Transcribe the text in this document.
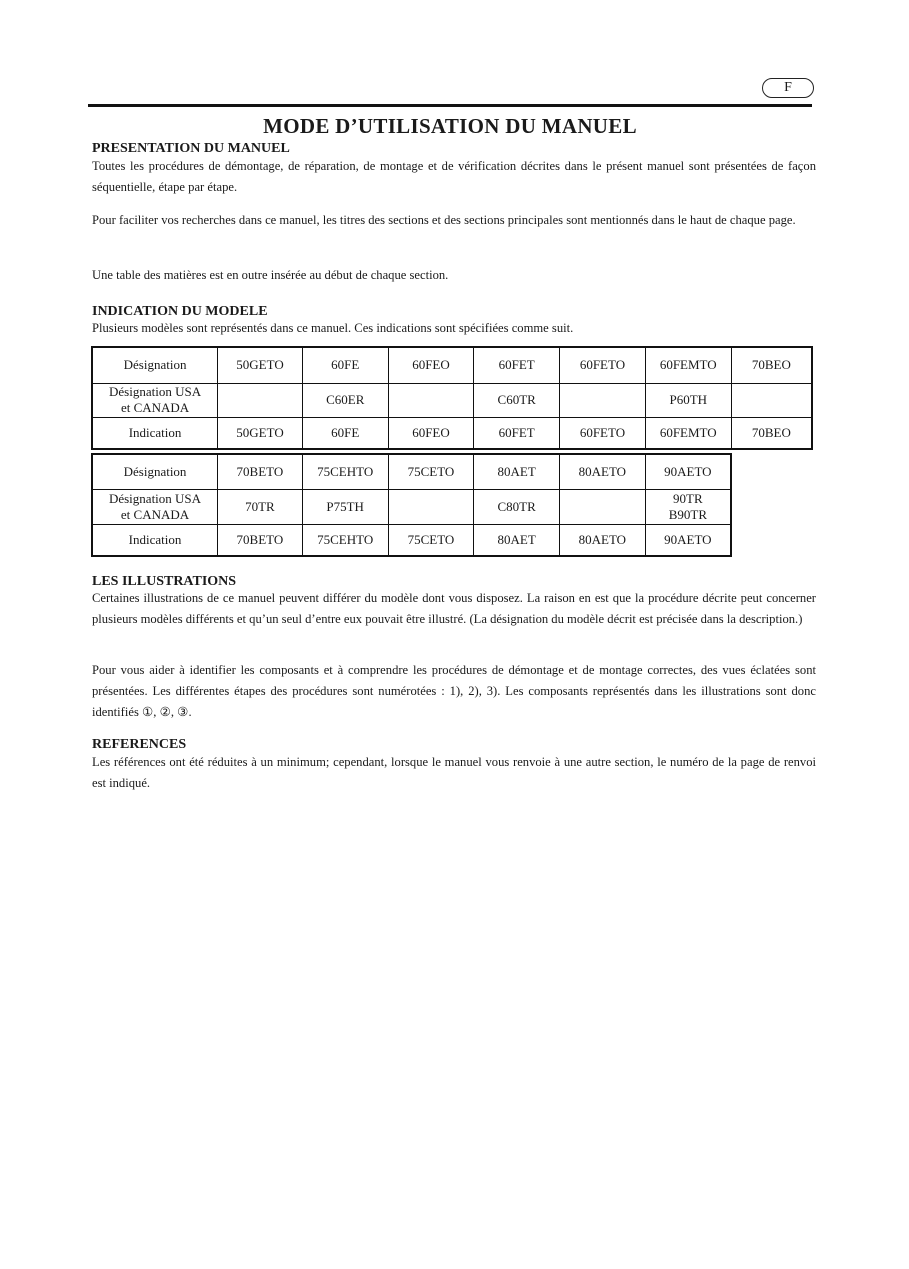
F
MODE D’UTILISATION DU MANUEL
PRESENTATION DU MANUEL

Toutes les procédures de démontage, de réparation, de montage et de vérification décrites dans le présent manuel sont présentées de façon séquentielle, étape par étape.

Pour faciliter vos recherches dans ce manuel, les titres des sections et des sections principales sont mentionnés dans le haut de chaque page.

Une table des matières est en outre insérée au début de chaque section.

INDICATION DU MODELE

Plusieurs modèles sont représentés dans ce manuel. Ces indications sont spécifiées comme suit.

Désignation	50GETO	60FE	60FEO	60FET	60FETO	60FEMTO	70BEO
Désignation USA
et CANADA		C60ER		C60TR		P60TH	
Indication	50GETO	60FE	60FEO	60FET	60FETO	60FEMTO	70BEO
Désignation	70BETO	75CEHTO	75CETO	80AET	80AETO	90AETO
Désignation USA
et CANADA	70TR	P75TH		C80TR		90TR
B90TR
Indication	70BETO	75CEHTO	75CETO	80AET	80AETO	90AETO
LES ILLUSTRATIONS

Certaines illustrations de ce manuel peuvent différer du modèle dont vous disposez. La raison en est que la procédure décrite peut concerner plusieurs modèles différents et qu’un seul d’entre eux pouvait être illustré. (La désignation du modèle décrit est précisée dans la description.)

Pour vous aider à identifier les composants et à comprendre les procédures de démontage et de montage correctes, des vues éclatées sont présentées. Les différentes étapes des procédures sont numérotées : 1), 2), 3). Les composants représentés dans les illustrations sont donc identifiés ①, ②, ③.

REFERENCES

Les références ont été réduites à un minimum; cependant, lorsque le manuel vous renvoie à une autre section, le numéro de la page de renvoi est indiqué.
